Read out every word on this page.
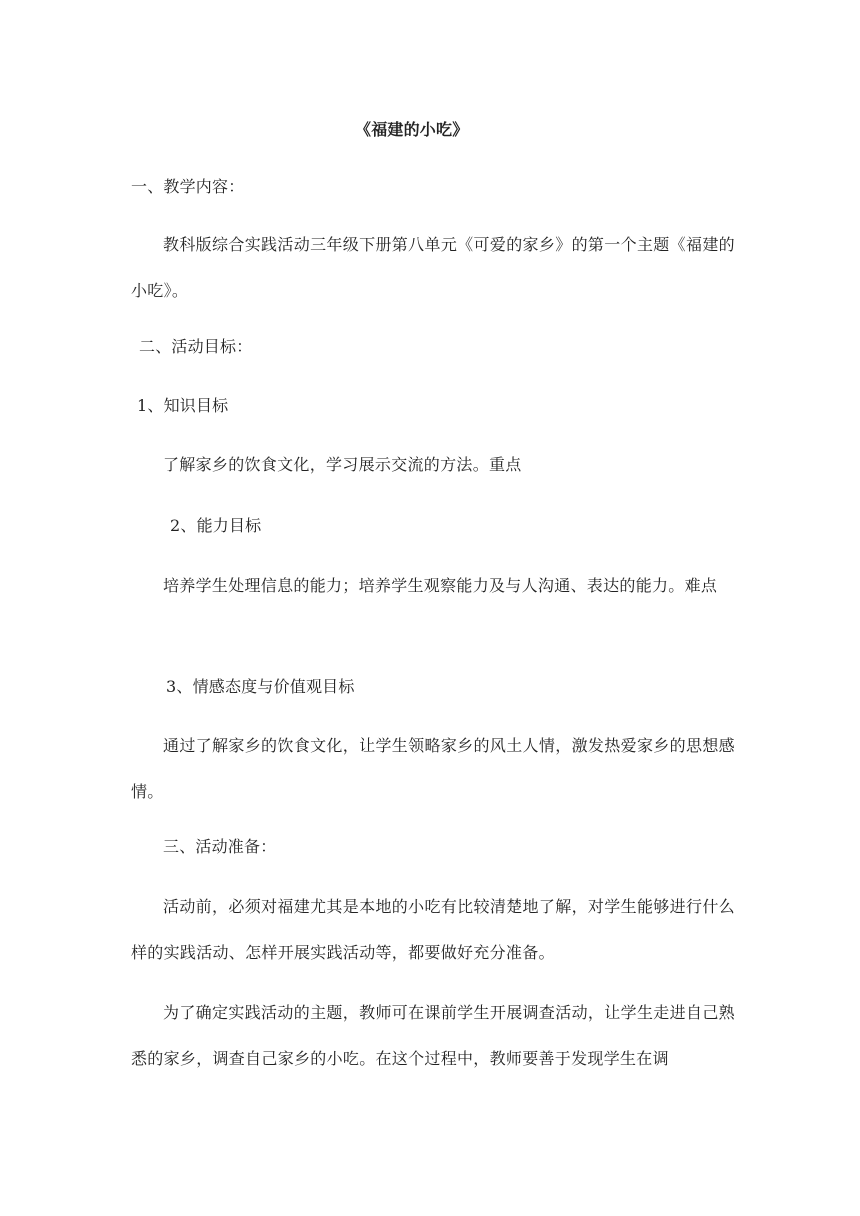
《福建的小吃》
一、教学内容：
教科版综合实践活动三年级下册第八单元《可爱的家乡》的第一个主题《福建的小吃》。
二、活动目标：
1、知识目标
了解家乡的饮食文化，学习展示交流的方法。重点
2、能力目标
培养学生处理信息的能力；培养学生观察能力及与人沟通、表达的能力。难点
3、情感态度与价值观目标
通过了解家乡的饮食文化，让学生领略家乡的风土人情，激发热爱家乡的思想感情。
三、活动准备：
活动前，必须对福建尤其是本地的小吃有比较清楚地了解，对学生能够进行什么样的实践活动、怎样开展实践活动等，都要做好充分准备。
为了确定实践活动的主题，教师可在课前学生开展调查活动，让学生走进自己熟悉的家乡，调查自己家乡的小吃。在这个过程中，教师要善于发现学生在调
